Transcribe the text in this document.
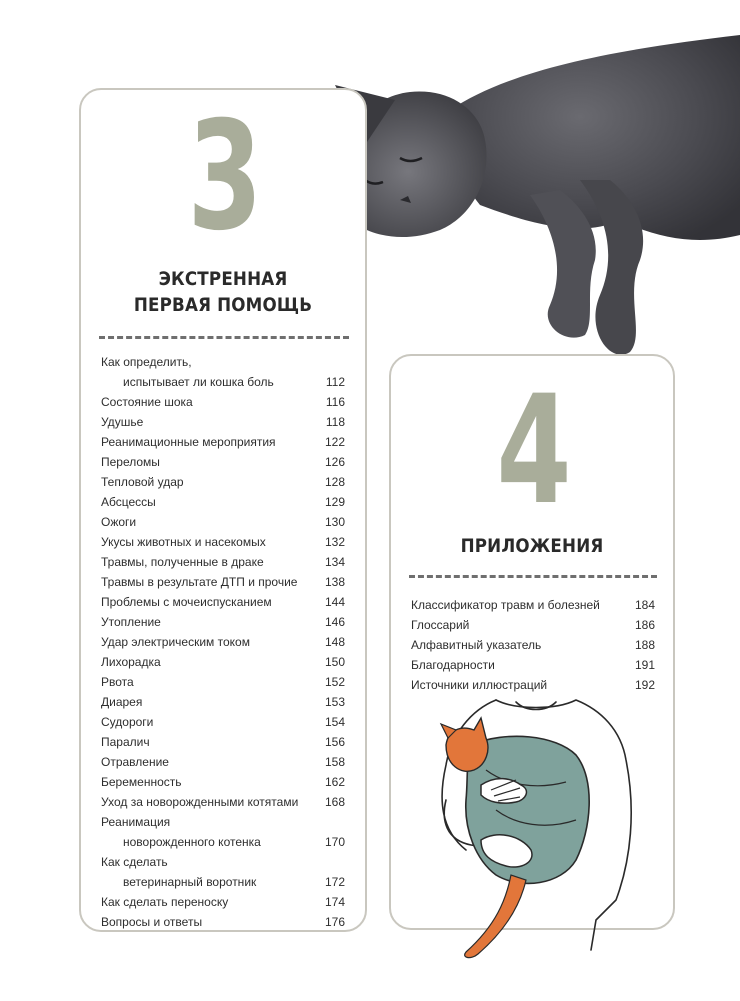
3
ЭКСТРЕННАЯ
ПЕРВАЯ ПОМОЩЬ
Как определить,
испытывает ли кошка боль	112
Состояние шока	116
Удушье	118
Реанимационные мероприятия	122
Переломы	126
Тепловой удар	128
Абсцессы	129
Ожоги	130
Укусы животных и насекомых	132
Травмы, полученные в драке	134
Травмы в результате ДТП и прочие 138
Проблемы с мочеиспусканием	144
Утопление	146
Удар электрическим током	148
Лихорадка	150
Рвота	152
Диарея	153
Судороги	154
Паралич	156
Отравление	158
Беременность	162
Уход за новорожденными котятами 168
Реанимация
новорожденного котенка	170
Как сделать
ветеринарный воротник	172
Как сделать переноску	174
Вопросы и ответы	176
4
ПРИЛОЖЕНИЯ
Классификатор травм и болезней	184
Глоссарий	186
Алфавитный указатель	188
Благодарности	191
Источники иллюстраций	192
